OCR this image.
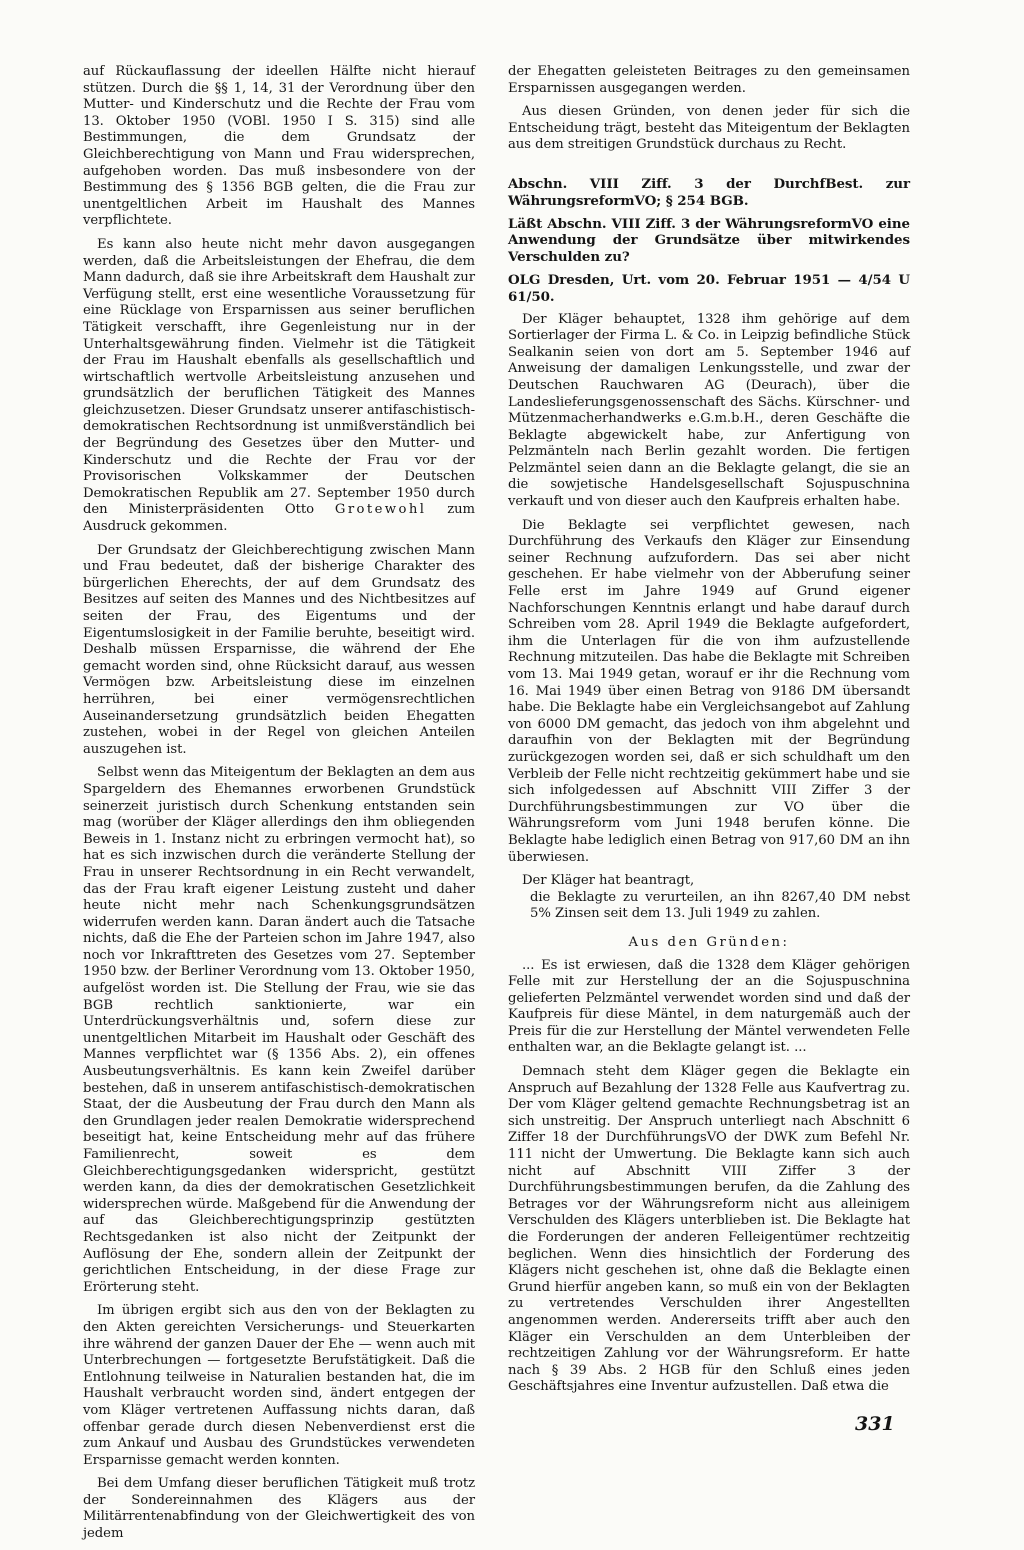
auf Rückauflassung der ideellen Hälfte nicht hierauf stützen. Durch die §§ 1, 14, 31 der Verordnung über den Mutter- und Kinderschutz und die Rechte der Frau vom 13. Oktober 1950 (VOBl. 1950 I S. 315) sind alle Bestimmungen, die dem Grundsatz der Gleichberechtigung von Mann und Frau widersprechen, aufgehoben worden. Das muß insbesondere von der Bestimmung des § 1356 BGB gelten, die die Frau zur unentgeltlichen Arbeit im Haushalt des Mannes verpflichtete.

Es kann also heute nicht mehr davon ausgegangen werden, daß die Arbeitsleistungen der Ehefrau, die dem Mann dadurch, daß sie ihre Arbeitskraft dem Haushalt zur Verfügung stellt, erst eine wesentliche Voraussetzung für eine Rücklage von Ersparnissen aus seiner beruflichen Tätigkeit verschafft, ihre Gegenleistung nur in der Unterhaltsgewährung finden. Vielmehr ist die Tätigkeit der Frau im Haushalt ebenfalls als gesellschaftlich und wirtschaftlich wertvolle Arbeitsleistung anzusehen und grundsätzlich der beruflichen Tätigkeit des Mannes gleichzusetzen. Dieser Grundsatz unserer antifaschistisch-demokratischen Rechtsordnung ist unmißverständlich bei der Begründung des Gesetzes über den Mutter- und Kinderschutz und die Rechte der Frau vor der Provisorischen Volkskammer der Deutschen Demokratischen Republik am 27. September 1950 durch den Ministerpräsidenten Otto Grotewohl zum Ausdruck gekommen.

Der Grundsatz der Gleichberechtigung zwischen Mann und Frau bedeutet, daß der bisherige Charakter des bürgerlichen Eherechts, der auf dem Grundsatz des Besitzes auf seiten des Mannes und des Nichtbesitzes auf seiten der Frau, des Eigentums und der Eigentumslosigkeit in der Familie beruhte, beseitigt wird. Deshalb müssen Ersparnisse, die während der Ehe gemacht worden sind, ohne Rücksicht darauf, aus wessen Vermögen bzw. Arbeitsleistung diese im einzelnen herrühren, bei einer vermögensrechtlichen Auseinandersetzung grundsätzlich beiden Ehegatten zustehen, wobei in der Regel von gleichen Anteilen auszugehen ist.

Selbst wenn das Miteigentum der Beklagten an dem aus Spargeldern des Ehemannes erworbenen Grundstück seinerzeit juristisch durch Schenkung entstanden sein mag (worüber der Kläger allerdings den ihm obliegenden Beweis in 1. Instanz nicht zu erbringen vermocht hat), so hat es sich inzwischen durch die veränderte Stellung der Frau in unserer Rechtsordnung in ein Recht verwandelt, das der Frau kraft eigener Leistung zusteht und daher heute nicht mehr nach Schenkungsgrundsätzen widerrufen werden kann. Daran ändert auch die Tatsache nichts, daß die Ehe der Parteien schon im Jahre 1947, also noch vor Inkrafttreten des Gesetzes vom 27. September 1950 bzw. der Berliner Verordnung vom 13. Oktober 1950, aufgelöst worden ist. Die Stellung der Frau, wie sie das BGB rechtlich sanktionierte, war ein Unterdrückungsverhältnis und, sofern diese zur unentgeltlichen Mitarbeit im Haushalt oder Geschäft des Mannes verpflichtet war (§ 1356 Abs. 2), ein offenes Ausbeutungsverhältnis. Es kann kein Zweifel darüber bestehen, daß in unserem antifaschistisch-demokratischen Staat, der die Ausbeutung der Frau durch den Mann als den Grundlagen jeder realen Demokratie widersprechend beseitigt hat, keine Entscheidung mehr auf das frühere Familienrecht, soweit es dem Gleichberechtigungsgedanken widerspricht, gestützt werden kann, da dies der demokratischen Gesetzlichkeit widersprechen würde. Maßgebend für die Anwendung der auf das Gleichberechtigungsprinzip gestützten Rechtsgedanken ist also nicht der Zeitpunkt der Auflösung der Ehe, sondern allein der Zeitpunkt der gerichtlichen Entscheidung, in der diese Frage zur Erörterung steht.

Im übrigen ergibt sich aus den von der Beklagten zu den Akten gereichten Versicherungs- und Steuerkarten ihre während der ganzen Dauer der Ehe — wenn auch mit Unterbrechungen — fortgesetzte Berufstätigkeit. Daß die Entlohnung teilweise in Naturalien bestanden hat, die im Haushalt verbraucht worden sind, ändert entgegen der vom Kläger vertretenen Auffassung nichts daran, daß offenbar gerade durch diesen Nebenverdienst erst die zum Ankauf und Ausbau des Grundstückes verwendeten Ersparnisse gemacht werden konnten.

Bei dem Umfang dieser beruflichen Tätigkeit muß trotz der Sondereinnahmen des Klägers aus der Militärrentenabfindung von der Gleichwertigkeit des von jedem

der Ehegatten geleisteten Beitrages zu den gemeinsamen Ersparnissen ausgegangen werden.

Aus diesen Gründen, von denen jeder für sich die Entscheidung trägt, besteht das Miteigentum der Beklagten aus dem streitigen Grundstück durchaus zu Recht.

Abschn. VIII Ziff. 3 der DurchfBest. zur WährungsreformVO; § 254 BGB.

Läßt Abschn. VIII Ziff. 3 der WährungsreformVO eine Anwendung der Grundsätze über mitwirkendes Verschulden zu?

OLG Dresden, Urt. vom 20. Februar 1951 — 4/54 U 61/50.

Der Kläger behauptet, 1328 ihm gehörige auf dem Sortierlager der Firma L. & Co. in Leipzig befindliche Stück Sealkanin seien von dort am 5. September 1946 auf Anweisung der damaligen Lenkungsstelle, und zwar der Deutschen Rauchwaren AG (Deurach), über die Landeslieferungsgenossenschaft des Sächs. Kürschner- und Mützenmacherhandwerks e.G.m.b.H., deren Geschäfte die Beklagte abgewickelt habe, zur Anfertigung von Pelzmänteln nach Berlin gezahlt worden. Die fertigen Pelzmäntel seien dann an die Beklagte gelangt, die sie an die sowjetische Handelsgesellschaft Sojuspuschnina verkauft und von dieser auch den Kaufpreis erhalten habe.

Die Beklagte sei verpflichtet gewesen, nach Durchführung des Verkaufs den Kläger zur Einsendung seiner Rechnung aufzufordern. Das sei aber nicht geschehen. Er habe vielmehr von der Abberufung seiner Felle erst im Jahre 1949 auf Grund eigener Nachforschungen Kenntnis erlangt und habe darauf durch Schreiben vom 28. April 1949 die Beklagte aufgefordert, ihm die Unterlagen für die von ihm aufzustellende Rechnung mitzuteilen. Das habe die Beklagte mit Schreiben vom 13. Mai 1949 getan, worauf er ihr die Rechnung vom 16. Mai 1949 über einen Betrag von 9186 DM übersandt habe. Die Beklagte habe ein Vergleichsangebot auf Zahlung von 6000 DM gemacht, das jedoch von ihm abgelehnt und daraufhin von der Beklagten mit der Begründung zurückgezogen worden sei, daß er sich schuldhaft um den Verbleib der Felle nicht rechtzeitig gekümmert habe und sie sich infolgedessen auf Abschnitt VIII Ziffer 3 der Durchführungsbestimmungen zur VO über die Währungsreform vom Juni 1948 berufen könne. Die Beklagte habe lediglich einen Betrag von 917,60 DM an ihn überwiesen.

Der Kläger hat beantragt,

die Beklagte zu verurteilen, an ihn 8267,40 DM nebst 5% Zinsen seit dem 13. Juli 1949 zu zahlen.

Aus den Gründen:

... Es ist erwiesen, daß die 1328 dem Kläger gehörigen Felle mit zur Herstellung der an die Sojuspuschnina gelieferten Pelzmäntel verwendet worden sind und daß der Kaufpreis für diese Mäntel, in dem naturgemäß auch der Preis für die zur Herstellung der Mäntel verwendeten Felle enthalten war, an die Beklagte gelangt ist. ...

Demnach steht dem Kläger gegen die Beklagte ein Anspruch auf Bezahlung der 1328 Felle aus Kaufvertrag zu. Der vom Kläger geltend gemachte Rechnungsbetrag ist an sich unstreitig. Der Anspruch unterliegt nach Abschnitt 6 Ziffer 18 der DurchführungsVO der DWK zum Befehl Nr. 111 nicht der Umwertung. Die Beklagte kann sich auch nicht auf Abschnitt VIII Ziffer 3 der Durchführungsbestimmungen berufen, da die Zahlung des Betrages vor der Währungsreform nicht aus alleinigem Verschulden des Klägers unterblieben ist. Die Beklagte hat die Forderungen der anderen Felleigentümer rechtzeitig beglichen. Wenn dies hinsichtlich der Forderung des Klägers nicht geschehen ist, ohne daß die Beklagte einen Grund hierfür angeben kann, so muß ein von der Beklagten zu vertretendes Verschulden ihrer Angestellten angenommen werden. Andererseits trifft aber auch den Kläger ein Verschulden an dem Unterbleiben der rechtzeitigen Zahlung vor der Währungsreform. Er hatte nach § 39 Abs. 2 HGB für den Schluß eines jeden Geschäftsjahres eine Inventur aufzustellen. Daß etwa die

331
